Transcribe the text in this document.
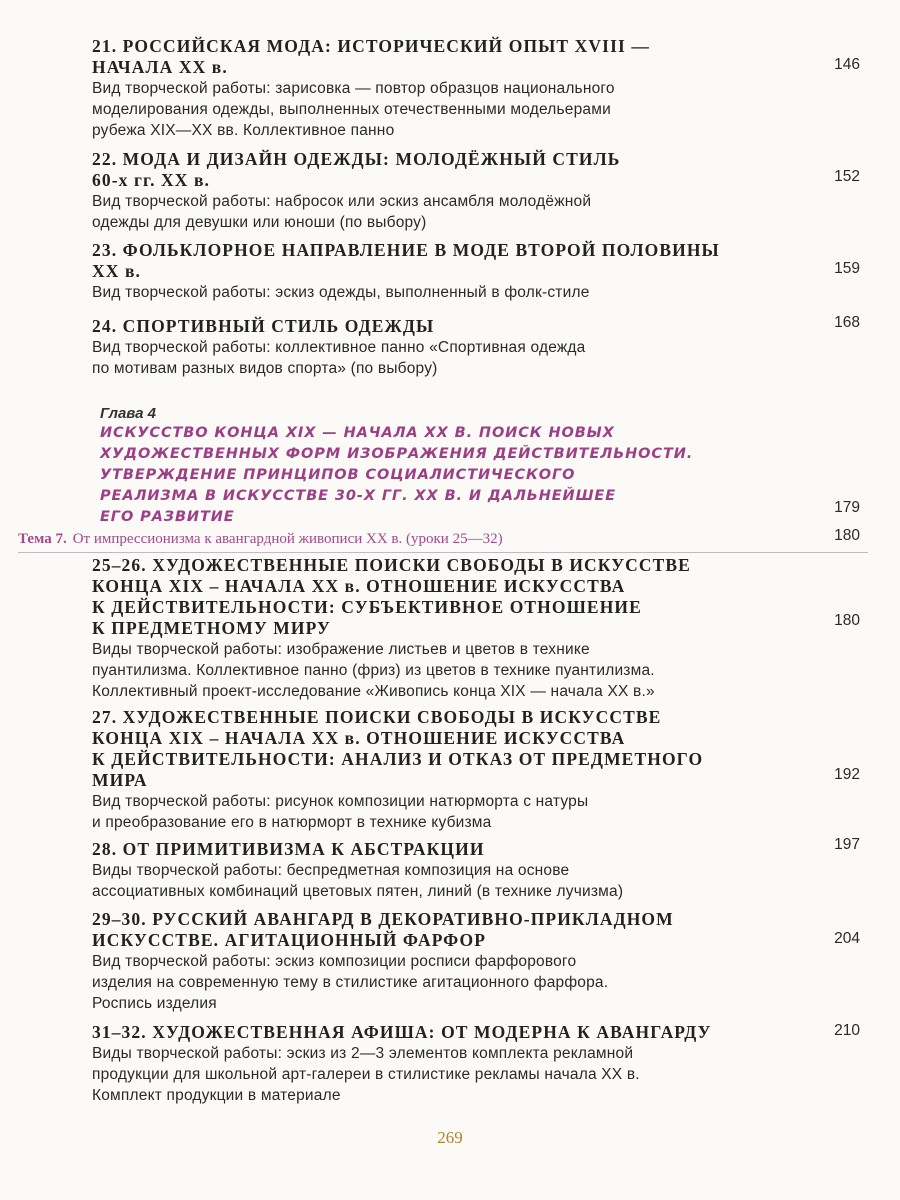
21. РОССИЙСКАЯ МОДА: ИСТОРИЧЕСКИЙ ОПЫТ XVIII —
НАЧАЛА XX в.
Вид творческой работы: зарисовка — повтор образцов национального
моделирования одежды, выполненных отечественными модельерами
рубежа XIX—XX вв. Коллективное панно
146
22. МОДА И ДИЗАЙН ОДЕЖДЫ: МОЛОДЁЖНЫЙ СТИЛЬ
60-х гг. XX в.
Вид творческой работы: набросок или эскиз ансамбля молодёжной
одежды для девушки или юноши (по выбору)
152
23. ФОЛЬКЛОРНОЕ НАПРАВЛЕНИЕ В МОДЕ ВТОРОЙ ПОЛОВИНЫ
XX в.
Вид творческой работы: эскиз одежды, выполненный в фолк-стиле
159
24. СПОРТИВНЫЙ СТИЛЬ ОДЕЖДЫ
Вид творческой работы: коллективное панно «Спортивная одежда
по мотивам разных видов спорта» (по выбору)
168
Глава 4
ИСКУССТВО КОНЦА XIX — НАЧАЛА XX В. ПОИСК НОВЫХ
ХУДОЖЕСТВЕННЫХ ФОРМ ИЗОБРАЖЕНИЯ ДЕЙСТВИТЕЛЬНОСТИ.
УТВЕРЖДЕНИЕ ПРИНЦИПОВ СОЦИАЛИСТИЧЕСКОГО
РЕАЛИЗМА В ИСКУССТВЕ 30-Х ГГ. XX В. И ДАЛЬНЕЙШЕЕ
ЕГО РАЗВИТИЕ
179
Тема 7. От импрессионизма к авангардной живописи XX в. (уроки 25—32)	180
25–26. ХУДОЖЕСТВЕННЫЕ ПОИСКИ СВОБОДЫ В ИСКУССТВЕ
КОНЦА XIX – НАЧАЛА XX в. ОТНОШЕНИЕ ИСКУССТВА
К ДЕЙСТВИТЕЛЬНОСТИ: СУБЪЕКТИВНОЕ ОТНОШЕНИЕ
К ПРЕДМЕТНОМУ МИРУ
Виды творческой работы: изображение листьев и цветов в технике
пуантилизма. Коллективное панно (фриз) из цветов в технике пуантилизма.
Коллективный проект-исследование «Живопись конца XIX — начала XX в.»
180
27. ХУДОЖЕСТВЕННЫЕ ПОИСКИ СВОБОДЫ В ИСКУССТВЕ
КОНЦА XIX – НАЧАЛА XX в. ОТНОШЕНИЕ ИСКУССТВА
К ДЕЙСТВИТЕЛЬНОСТИ: АНАЛИЗ И ОТКАЗ ОТ ПРЕДМЕТНОГО
МИРА
Вид творческой работы: рисунок композиции натюрморта с натуры
и преобразование его в натюрморт в технике кубизма
192
28. ОТ ПРИМИТИВИЗМА К АБСТРАКЦИИ
Виды творческой работы: беспредметная композиция на основе
ассоциативных комбинаций цветовых пятен, линий (в технике лучизма)
197
29–30. РУССКИЙ АВАНГАРД В ДЕКОРАТИВНО-ПРИКЛАДНОМ
ИСКУССТВЕ. АГИТАЦИОННЫЙ ФАРФОР
Вид творческой работы: эскиз композиции росписи фарфорового
изделия на современную тему в стилистике агитационного фарфора.
Роспись изделия
204
31–32. ХУДОЖЕСТВЕННАЯ АФИША: ОТ МОДЕРНА К АВАНГАРДУ
Виды творческой работы: эскиз из 2—3 элементов комплекта рекламной
продукции для школьной арт-галереи в стилистике рекламы начала XX в.
Комплект продукции в материале
210
269
